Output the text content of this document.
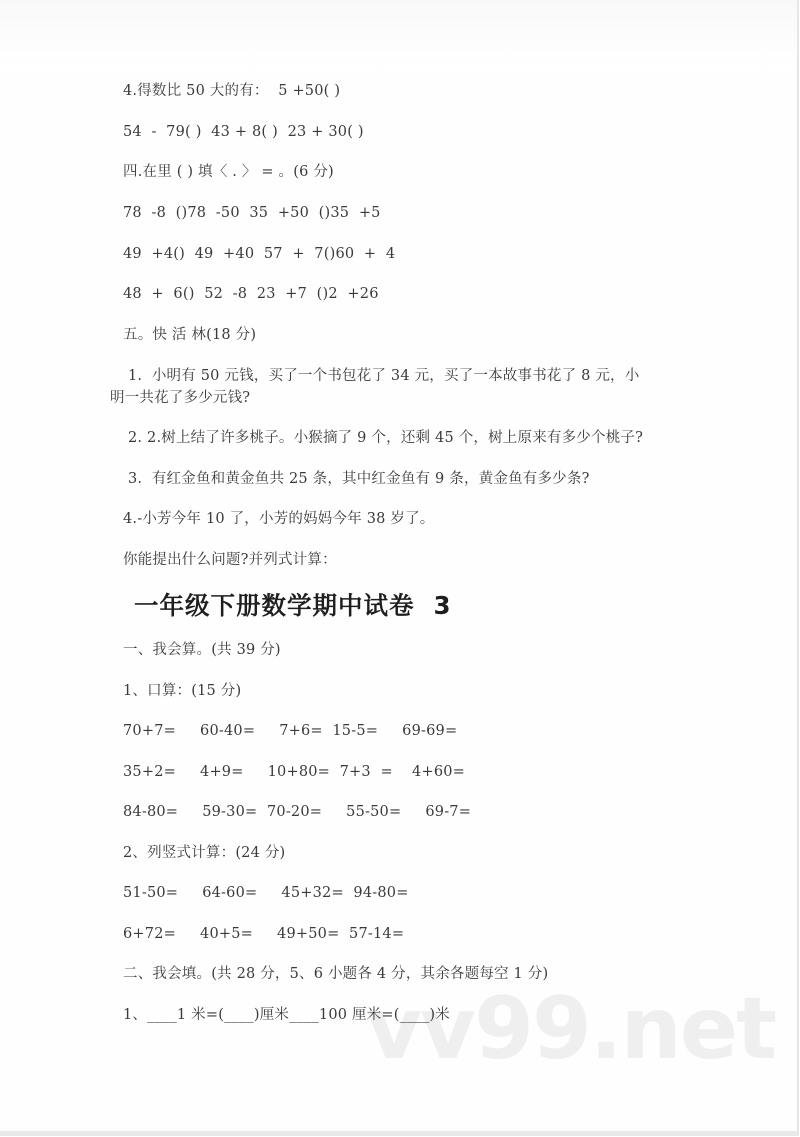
vv99.net
4.得数比 50 大的有：  5 +50( )
54  -  79( )  43 + 8( )  23 + 30( )
四.在里 ( ) 填〈 . 〉 = 。(6 分)
78  -8  ()78  -50  35  +50  ()35  +5
49  +4()  49  +40  57  +  7()60  +  4
48  +  6()  52  -8  23  +7  ()2  +26
五。快 活 林(18 分)
1.  小明有 50 元钱，买了一个书包花了 34 元，买了一本故事书花了 8 元，小
明一共花了多少元钱?
2. 2.树上结了许多桃子。小猴摘了 9 个，还剩 45 个，树上原来有多少个桃子?
3.  有红金鱼和黄金鱼共 25 条，其中红金鱼有 9 条，黄金鱼有多少条?
4.-小芳今年 10 了，小芳的妈妈今年 38 岁了。
你能提出什么问题?并列式计算：
一年级下册数学期中试卷  3
一、我会算。(共 39 分)
1、口算：(15 分)
70+7=     60-40=     7+6=  15-5=     69-69=
35+2=     4+9=     10+80=  7+3  =    4+60=
84-80=     59-30=  70-20=     55-50=     69-7=
2、列竖式计算：(24 分)
51-50=     64-60=     45+32=  94-80=
6+72=     40+5=     49+50=  57-14=
二、我会填。(共 28 分，5、6 小题各 4 分，其余各题每空 1 分)
1、____1 米=(____)厘米____100 厘米=(____)米
